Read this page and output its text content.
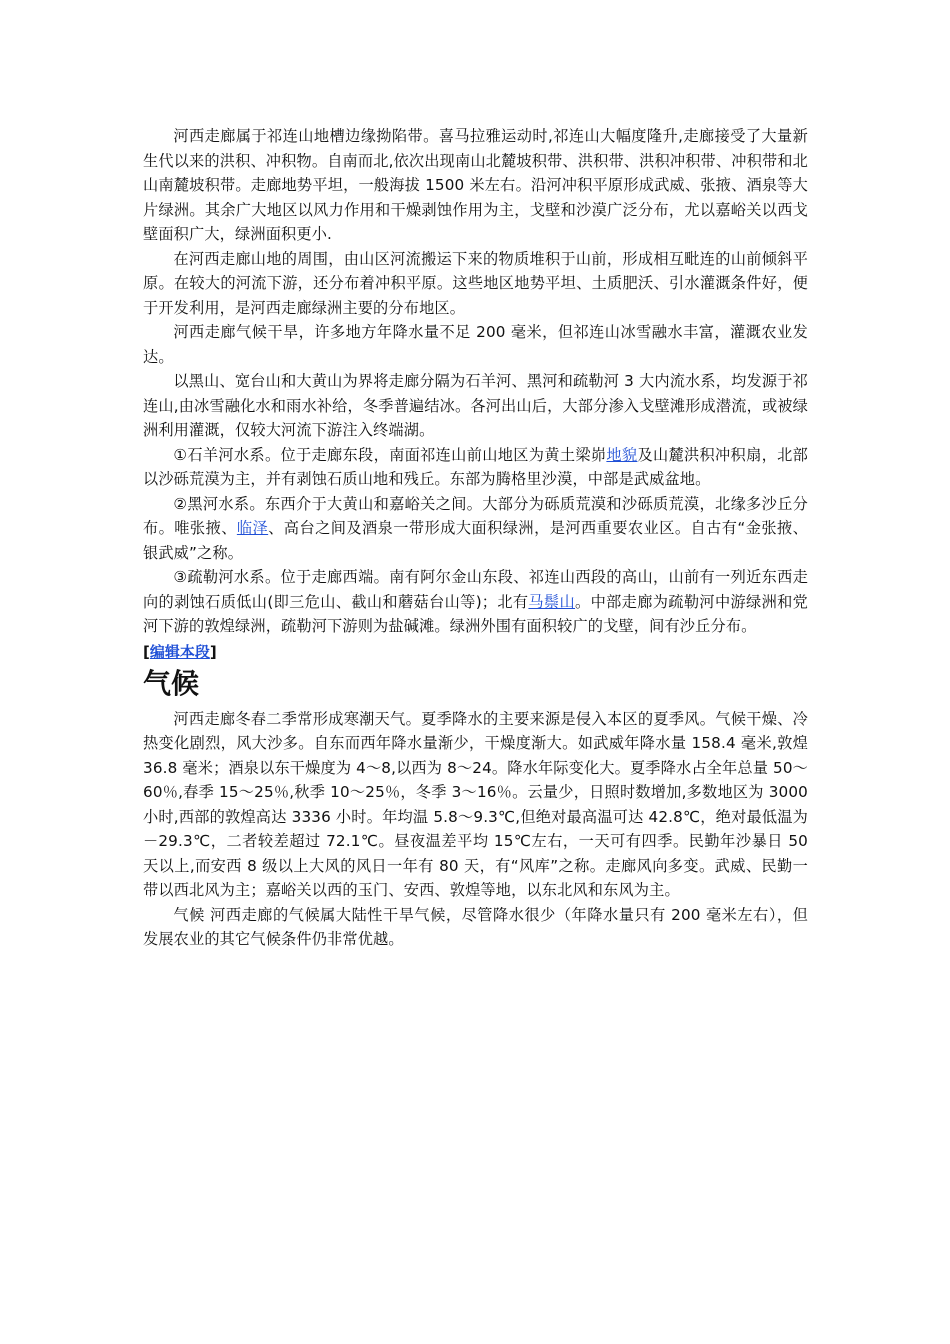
河西走廊属于祁连山地槽边缘拗陷带。喜马拉雅运动时,祁连山大幅度隆升,走廊接受了大量新生代以来的洪积、冲积物。自南而北,依次出现南山北麓坡积带、洪积带、洪积冲积带、冲积带和北山南麓坡积带。走廊地势平坦，一般海拔 1500 米左右。沿河冲积平原形成武威、张掖、酒泉等大片绿洲。其余广大地区以风力作用和干燥剥蚀作用为主，戈壁和沙漠广泛分布，尤以嘉峪关以西戈壁面积广大，绿洲面积更小.

在河西走廊山地的周围，由山区河流搬运下来的物质堆积于山前，形成相互毗连的山前倾斜平原。在较大的河流下游，还分布着冲积平原。这些地区地势平坦、土质肥沃、引水灌溉条件好，便于开发利用，是河西走廊绿洲主要的分布地区。

河西走廊气候干旱，许多地方年降水量不足 200 毫米，但祁连山冰雪融水丰富，灌溉农业发达。

以黑山、宽台山和大黄山为界将走廊分隔为石羊河、黑河和疏勒河 3 大内流水系，均发源于祁连山,由冰雪融化水和雨水补给，冬季普遍结冰。各河出山后，大部分渗入戈壁滩形成潜流，或被绿洲利用灌溉，仅较大河流下游注入终端湖。

①石羊河水系。位于走廊东段，南面祁连山前山地区为黄土梁峁地貌及山麓洪积冲积扇，北部以沙砾荒漠为主，并有剥蚀石质山地和残丘。东部为腾格里沙漠，中部是武威盆地。

②黑河水系。东西介于大黄山和嘉峪关之间。大部分为砾质荒漠和沙砾质荒漠，北缘多沙丘分布。唯张掖、临泽、高台之间及酒泉一带形成大面积绿洲，是河西重要农业区。自古有“金张掖、银武威”之称。

③疏勒河水系。位于走廊西端。南有阿尔金山东段、祁连山西段的高山，山前有一列近东西走向的剥蚀石质低山(即三危山、截山和蘑菇台山等)；北有马鬃山。中部走廊为疏勒河中游绿洲和党河下游的敦煌绿洲，疏勒河下游则为盐碱滩。绿洲外围有面积较广的戈壁，间有沙丘分布。

[编辑本段]
气候

河西走廊冬春二季常形成寒潮天气。夏季降水的主要来源是侵入本区的夏季风。气候干燥、冷热变化剧烈，风大沙多。自东而西年降水量渐少，干燥度渐大。如武威年降水量 158.4 毫米,敦煌 36.8 毫米；酒泉以东干燥度为 4～8,以西为 8～24。降水年际变化大。夏季降水占全年总量 50～60％,春季 15～25％,秋季 10～25％，冬季 3～16％。云量少，日照时数增加,多数地区为 3000 小时,西部的敦煌高达 3336 小时。年均温 5.8～9.3℃,但绝对最高温可达 42.8℃，绝对最低温为－29.3℃，二者较差超过 72.1℃。昼夜温差平均 15℃左右，一天可有四季。民勤年沙暴日 50 天以上,而安西 8 级以上大风的风日一年有 80 天，有“风库”之称。走廊风向多变。武威、民勤一带以西北风为主；嘉峪关以西的玉门、安西、敦煌等地，以东北风和东风为主。

气候 河西走廊的气候属大陆性干旱气候，尽管降水很少（年降水量只有 200 毫米左右），但发展农业的其它气候条件仍非常优越。
